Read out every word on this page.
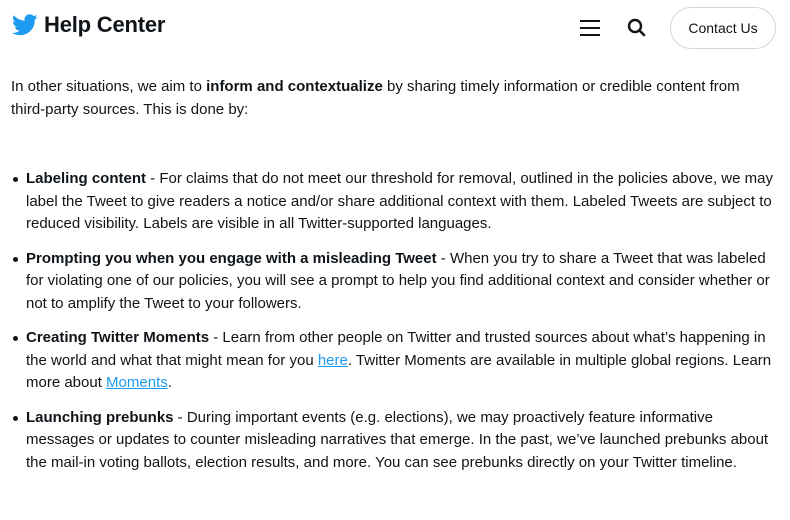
Help Center	Contact Us

In other situations, we aim to inform and contextualize by sharing timely information or credible content from third-party sources. This is done by:

Labeling content - For claims that do not meet our threshold for removal, outlined in the policies above, we may label the Tweet to give readers a notice and/or share additional context with them. Labeled Tweets are subject to reduced visibility. Labels are visible in all Twitter-supported languages.
Prompting you when you engage with a misleading Tweet - When you try to share a Tweet that was labeled for violating one of our policies, you will see a prompt to help you find additional context and consider whether or not to amplify the Tweet to your followers.
Creating Twitter Moments - Learn from other people on Twitter and trusted sources about what’s happening in the world and what that might mean for you here. Twitter Moments are available in multiple global regions. Learn more about Moments.
Launching prebunks - During important events (e.g. elections), we may proactively feature informative messages or updates to counter misleading narratives that emerge. In the past, we’ve launched prebunks about the mail-in voting ballots, election results, and more. You can see prebunks directly on your Twitter timeline.
